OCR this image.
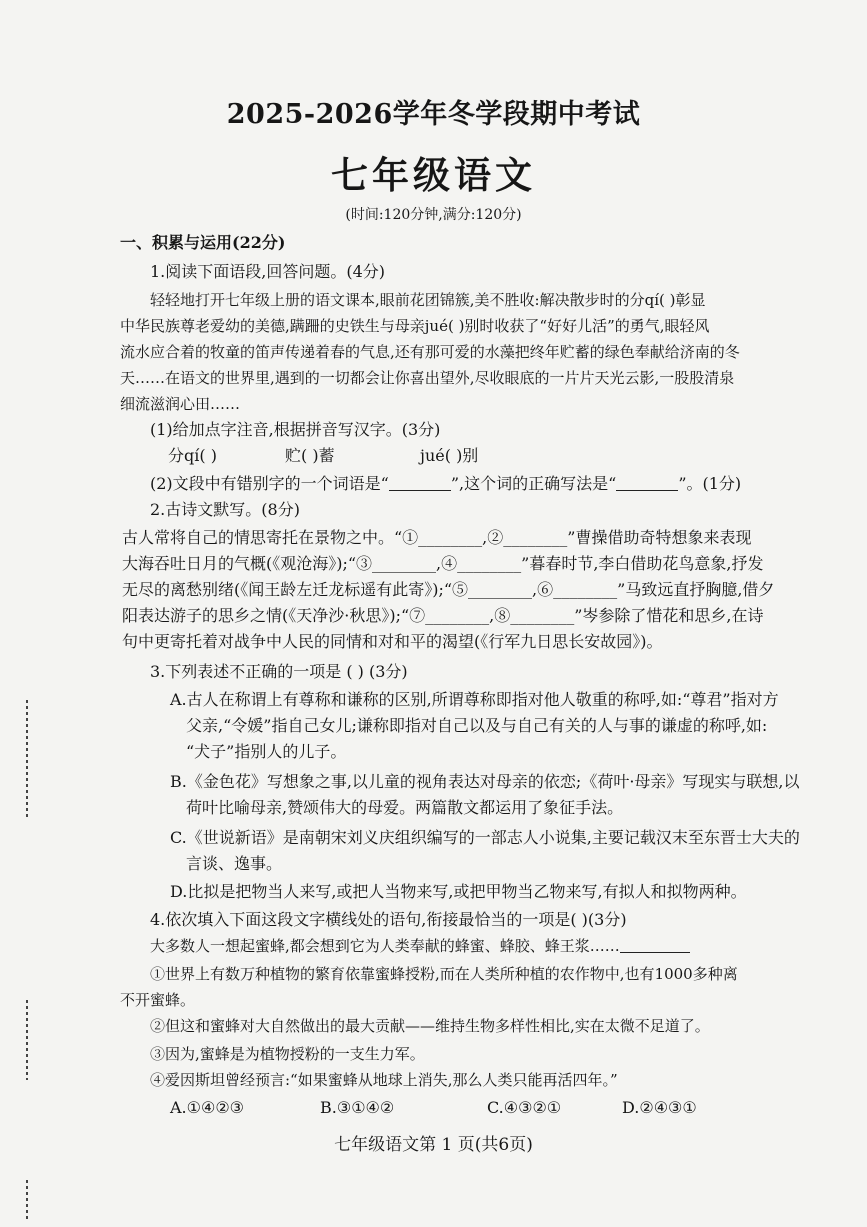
2025-2026学年冬学段期中考试
七年级语文
(时间:120分钟,满分:120分)
一、积累与运用(22分)
1.阅读下面语段,回答问题。(4分)
轻轻地打开七年级上册的语文课本,眼前花团锦簇,美不胜收:解决散步时的分qí( )彰显
中华民族尊老爱幼的美德,蹒跚的史铁生与母亲jué( )别时收获了“好好儿活”的勇气,眼轻风
流水应合着的牧童的笛声传递着春的气息,还有那可爱的水藻把终年贮蓄的绿色奉献给济南的冬
天……在语文的世界里,遇到的一切都会让你喜出望外,尽收眼底的一片片天光云影,一股股清泉
细流滋润心田……
(1)给加点字注音,根据拼音写汉字。(3分)
分qí( )	贮( )蓄	jué( )别
(2)文段中有错别字的一个词语是“	”,这个词的正确写法是“	”。(1分)
2.古诗文默写。(8分)
古人常将自己的情思寄托在景物之中。“①________,②________”曹操借助奇特想象来表现
大海吞吐日月的气概(《观沧海》);“③________,④________”暮春时节,李白借助花鸟意象,抒发
无尽的离愁别绪(《闻王龄左迁龙标遥有此寄》);“⑤________,⑥________”马致远直抒胸臆,借夕
阳表达游子的思乡之情(《天净沙·秋思》);“⑦________,⑧________”岑参除了惜花和思乡,在诗
句中更寄托着对战争中人民的同情和对和平的渴望(《行军九日思长安故园》)。
3.下列表述不正确的一项是 ( ) (3分)
A.古人在称谓上有尊称和谦称的区别,所谓尊称即指对他人敬重的称呼,如:“尊君”指对方
父亲,“令媛”指自己女儿;谦称即指对自己以及与自己有关的人与事的谦虚的称呼,如:
“犬子”指别人的儿子。
B.《金色花》写想象之事,以儿童的视角表达对母亲的依恋;《荷叶·母亲》写现实与联想,以
荷叶比喻母亲,赞颂伟大的母爱。两篇散文都运用了象征手法。
C.《世说新语》是南朝宋刘义庆组织编写的一部志人小说集,主要记载汉末至东晋士大夫的
言谈、逸事。
D.比拟是把物当人来写,或把人当物来写,或把甲物当乙物来写,有拟人和拟物两种。
4.依次填入下面这段文字横线处的语句,衔接最恰当的一项是( )(3分)
大多数人一想起蜜蜂,都会想到它为人类奉献的蜂蜜、蜂胶、蜂王浆……
①世界上有数万种植物的繁育依靠蜜蜂授粉,而在人类所种植的农作物中,也有1000多种离
不开蜜蜂。
②但这和蜜蜂对大自然做出的最大贡献——维持生物多样性相比,实在太微不足道了。
③因为,蜜蜂是为植物授粉的一支生力军。
④爱因斯坦曾经预言:“如果蜜蜂从地球上消失,那么人类只能再活四年。”
A.①④②③	B.③①④②	C.④③②①	D.②④③①
七年级语文第 1 页(共6页)
